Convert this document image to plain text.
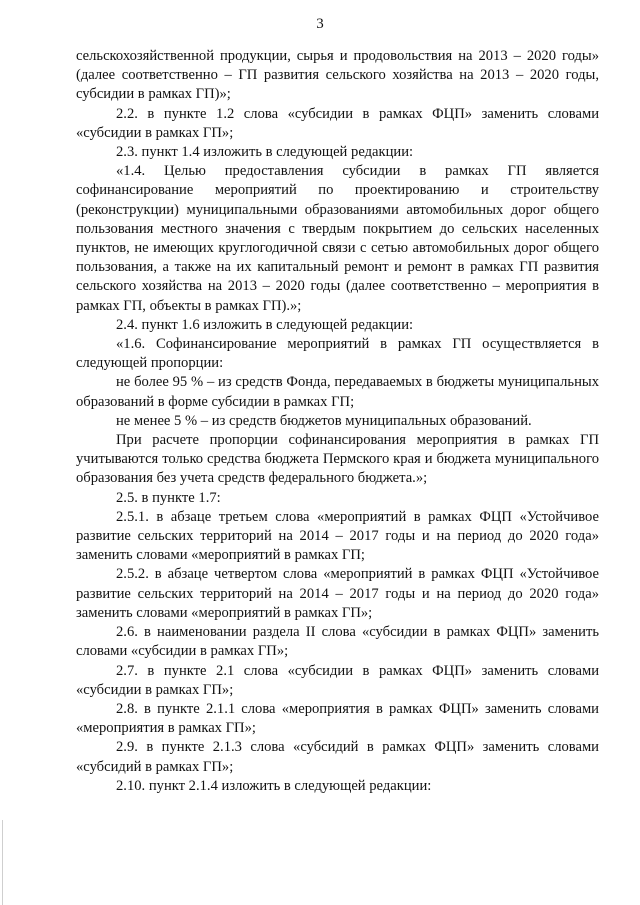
3

сельскохозяйственной продукции, сырья и продовольствия на 2013 – 2020 годы» (далее соответственно – ГП развития сельского хозяйства на 2013 – 2020 годы, субсидии в рамках ГП)»;

2.2. в пункте 1.2 слова «субсидии в рамках ФЦП» заменить словами «субсидии в рамках ГП»;

2.3. пункт 1.4 изложить в следующей редакции:

«1.4. Целью предоставления субсидии в рамках ГП является софинансирование мероприятий по проектированию и строительству (реконструкции) муниципальными образованиями автомобильных дорог общего пользования местного значения с твердым покрытием до сельских населенных пунктов, не имеющих круглогодичной связи с сетью автомобильных дорог общего пользования, а также на их капитальный ремонт и ремонт в рамках ГП развития сельского хозяйства на 2013 – 2020 годы (далее соответственно – мероприятия в рамках ГП, объекты в рамках ГП).»;

2.4. пункт 1.6 изложить в следующей редакции:

«1.6. Софинансирование мероприятий в рамках ГП осуществляется в следующей пропорции:

не более 95 % – из средств Фонда, передаваемых в бюджеты муниципальных образований в форме субсидии в рамках ГП;

не менее 5 % – из средств бюджетов муниципальных образований.

При расчете пропорции софинансирования мероприятия в рамках ГП учитываются только средства бюджета Пермского края и бюджета муниципального образования без учета средств федерального бюджета.»;

2.5. в пункте 1.7:

2.5.1. в абзаце третьем слова «мероприятий в рамках ФЦП «Устойчивое развитие сельских территорий на 2014 – 2017 годы и на период до 2020 года» заменить словами «мероприятий в рамках ГП;

2.5.2. в абзаце четвертом слова «мероприятий в рамках ФЦП «Устойчивое развитие сельских территорий на 2014 – 2017 годы и на период до 2020 года» заменить словами «мероприятий в рамках ГП»;

2.6. в наименовании раздела II слова «субсидии в рамках ФЦП» заменить словами «субсидии в рамках ГП»;

2.7. в пункте 2.1 слова «субсидии в рамках ФЦП» заменить словами «субсидии в рамках ГП»;

2.8. в пункте 2.1.1 слова «мероприятия в рамках ФЦП» заменить словами «мероприятия в рамках ГП»;

2.9. в пункте 2.1.3 слова «субсидий в рамках ФЦП» заменить словами «субсидий в рамках ГП»;

2.10. пункт 2.1.4 изложить в следующей редакции:
